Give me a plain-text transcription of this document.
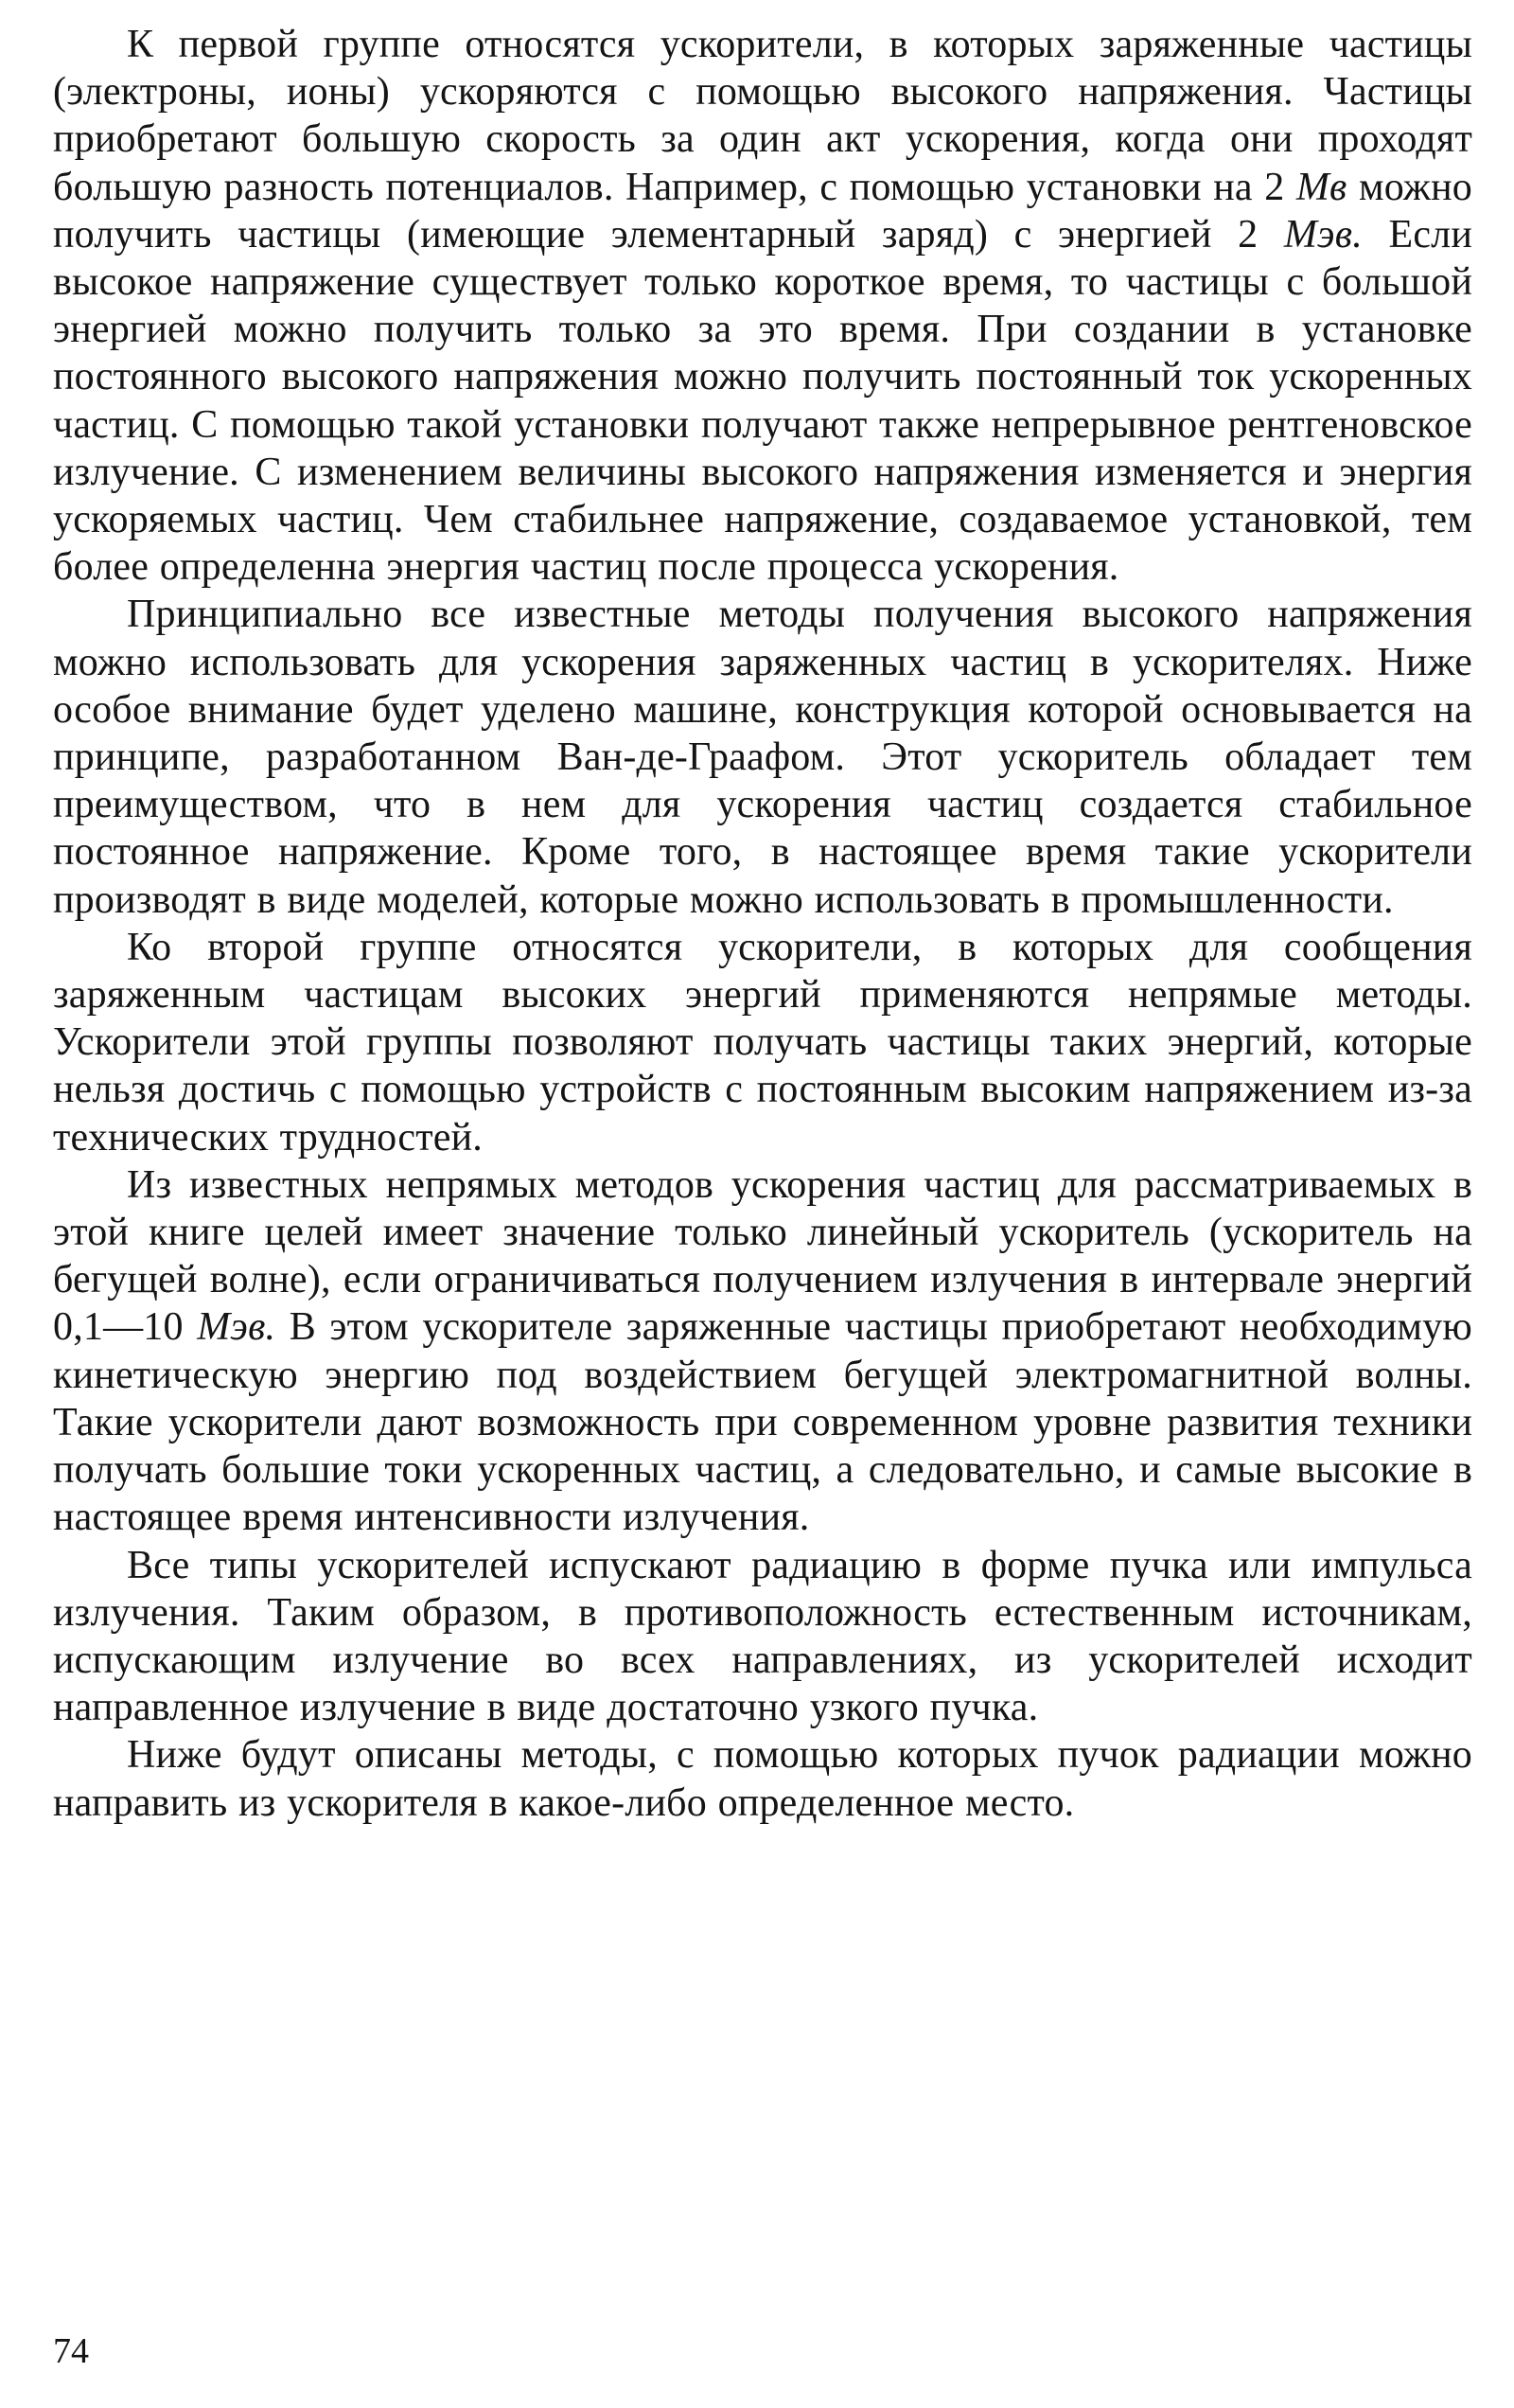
К первой группе относятся ускорители, в которых заряженные частицы (электроны, ионы) ускоряются с помощью высокого напряжения. Частицы приобретают большую скорость за один акт ускорения, когда они проходят большую разность потенциалов. Например, с помощью установки на 2 Мв можно получить частицы (имеющие элементарный заряд) с энергией 2 Мэв. Если высокое напряжение существует только короткое время, то частицы с большой энергией можно получить только за это время. При создании в установке постоянного высокого напряжения можно получить постоянный ток ускоренных частиц. С помощью такой установки получают также непрерывное рентгеновское излучение. С изменением величины высокого напряжения изменяется и энергия ускоряемых частиц. Чем стабильнее напряжение, создаваемое установкой, тем более определенна энергия частиц после процесса ускорения.

Принципиально все известные методы получения высокого напряжения можно использовать для ускорения заряженных частиц в ускорителях. Ниже особое внимание будет уделено машине, конструкция которой основывается на принципе, разработанном Ван-де-Граафом. Этот ускоритель обладает тем преимуществом, что в нем для ускорения частиц создается стабильное постоянное напряжение. Кроме того, в настоящее время такие ускорители производят в виде моделей, которые можно использовать в промышленности.

Ко второй группе относятся ускорители, в которых для сообщения заряженным частицам высоких энергий применяются непрямые методы. Ускорители этой группы позволяют получать частицы таких энергий, которые нельзя достичь с помощью устройств с постоянным высоким напряжением из-за технических трудностей.

Из известных непрямых методов ускорения частиц для рассматриваемых в этой книге целей имеет значение только линейный ускоритель (ускоритель на бегущей волне), если ограничиваться получением излучения в интервале энергий 0,1—10 Мэв. В этом ускорителе заряженные частицы приобретают необходимую кинетическую энергию под воздействием бегущей электромагнитной волны. Такие ускорители дают возможность при современном уровне развития техники получать большие токи ускоренных частиц, а следовательно, и самые высокие в настоящее время интенсивности излучения.

Все типы ускорителей испускают радиацию в форме пучка или импульса излучения. Таким образом, в противоположность естественным источникам, испускающим излучение во всех направлениях, из ускорителей исходит направленное излучение в виде достаточно узкого пучка.

Ниже будут описаны методы, с помощью которых пучок радиации можно направить из ускорителя в какое-либо определенное место.

74
